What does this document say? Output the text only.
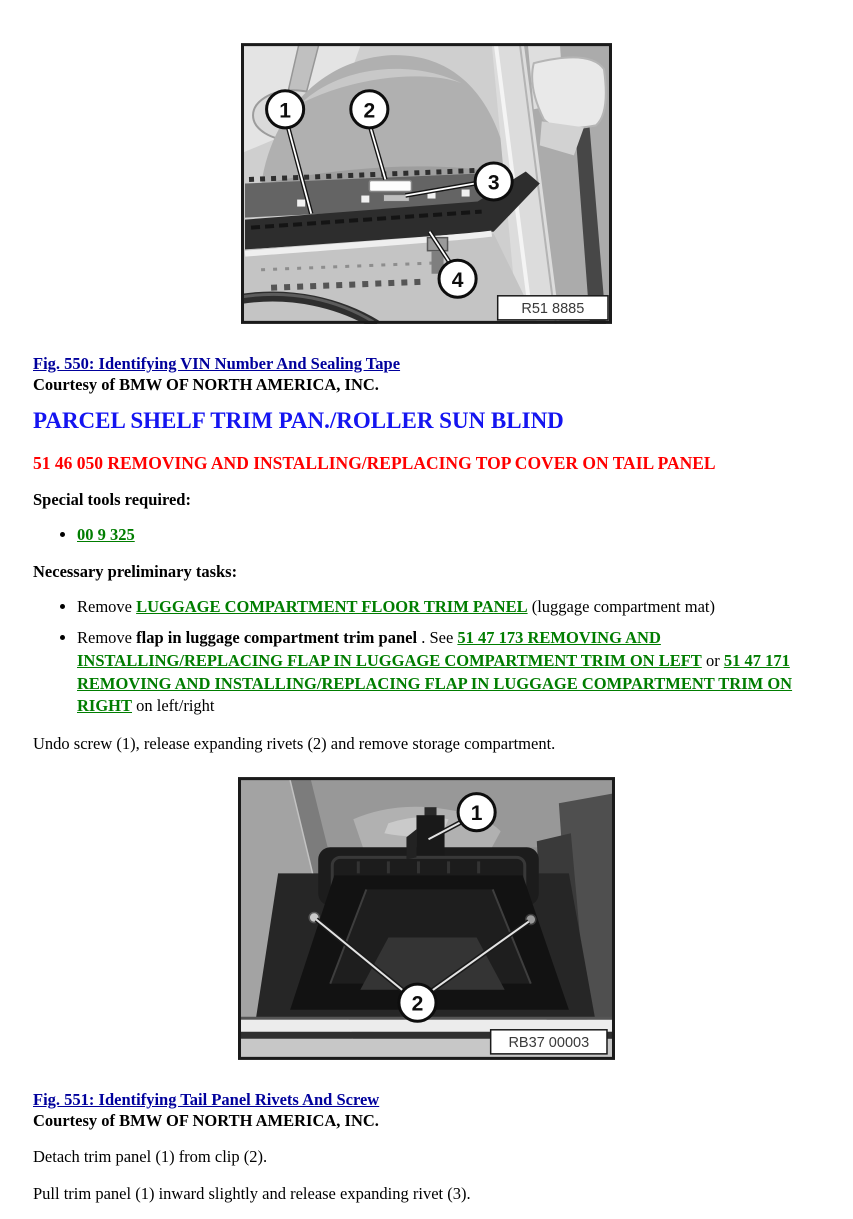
1	2
3
4
R51 8885

Fig. 550: Identifying VIN Number And Sealing Tape
Courtesy of BMW OF NORTH AMERICA, INC.

PARCEL SHELF TRIM PAN./ROLLER SUN BLIND
51 46 050 REMOVING AND INSTALLING/REPLACING TOP COVER ON TAIL PANEL

Special tools required:

• 00 9 325

Necessary preliminary tasks:

• Remove LUGGAGE COMPARTMENT FLOOR TRIM PANEL (luggage compartment mat)
• Remove flap in luggage compartment trim panel . See 51 47 173 REMOVING AND INSTALLING/REPLACING FLAP IN LUGGAGE COMPARTMENT TRIM ON LEFT or 51 47 171 REMOVING AND INSTALLING/REPLACING FLAP IN LUGGAGE COMPARTMENT TRIM ON RIGHT on left/right

Undo screw (1), release expanding rivets (2) and remove storage compartment.

1
2
RB37 00003

Fig. 551: Identifying Tail Panel Rivets And Screw
Courtesy of BMW OF NORTH AMERICA, INC.

Detach trim panel (1) from clip (2).

Pull trim panel (1) inward slightly and release expanding rivet (3).
